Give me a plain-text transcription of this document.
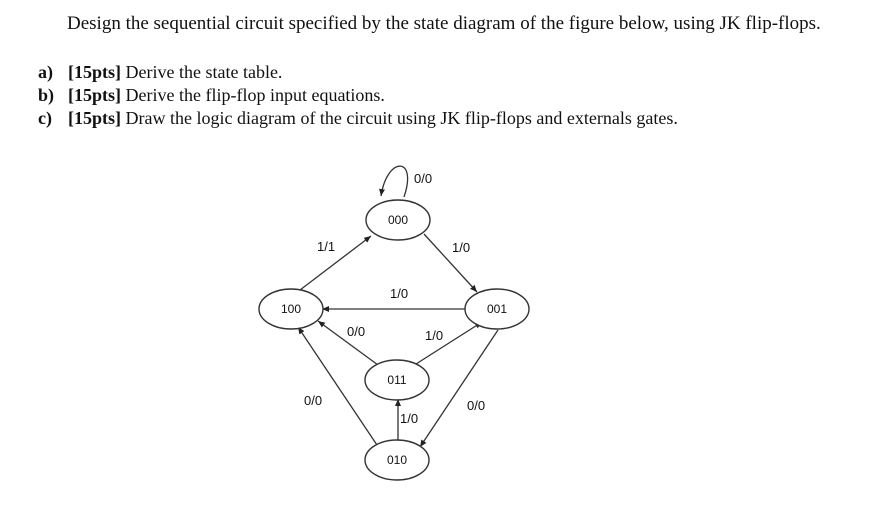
Design the sequential circuit specified by the state diagram of the figure below, using JK flip-flops.

a) [15pts] Derive the state table.
b) [15pts] Derive the flip-flop input equations.
c) [15pts] Draw the logic diagram of the circuit using JK flip-flops and externals gates.
000
001
100
011
010
0/0
1/1	1/0
1/0
0/0	1/0
0/0	0/0
1/0
